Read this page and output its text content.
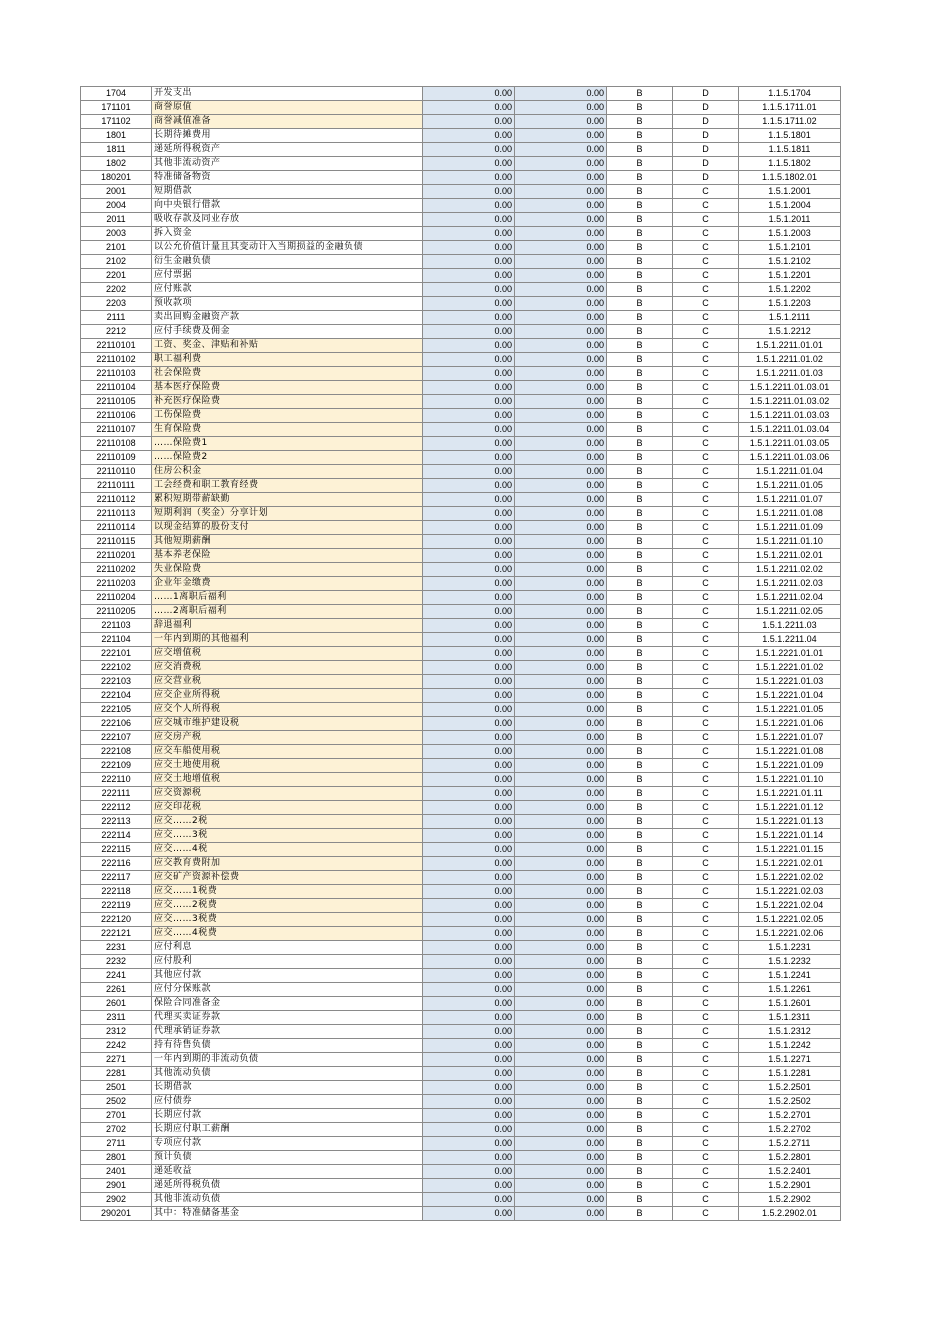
1704	开发支出	0.00	0.00	B	D	1.1.5.1704
171101	商誉原值	0.00	0.00	B	D	1.1.5.1711.01
171102	商誉减值准备	0.00	0.00	B	D	1.1.5.1711.02
1801	长期待摊费用	0.00	0.00	B	D	1.1.5.1801
1811	递延所得税资产	0.00	0.00	B	D	1.1.5.1811
1802	其他非流动资产	0.00	0.00	B	D	1.1.5.1802
180201	特准储备物资	0.00	0.00	B	D	1.1.5.1802.01
2001	短期借款	0.00	0.00	B	C	1.5.1.2001
2004	向中央银行借款	0.00	0.00	B	C	1.5.1.2004
2011	吸收存款及同业存放	0.00	0.00	B	C	1.5.1.2011
2003	拆入资金	0.00	0.00	B	C	1.5.1.2003
2101	以公允价值计量且其变动计入当期损益的金融负债	0.00	0.00	B	C	1.5.1.2101
2102	衍生金融负债	0.00	0.00	B	C	1.5.1.2102
2201	应付票据	0.00	0.00	B	C	1.5.1.2201
2202	应付账款	0.00	0.00	B	C	1.5.1.2202
2203	预收款项	0.00	0.00	B	C	1.5.1.2203
2111	卖出回购金融资产款	0.00	0.00	B	C	1.5.1.2111
2212	应付手续费及佣金	0.00	0.00	B	C	1.5.1.2212
22110101	工资、奖金、津贴和补贴	0.00	0.00	B	C	1.5.1.2211.01.01
22110102	职工福利费	0.00	0.00	B	C	1.5.1.2211.01.02
22110103	社会保险费	0.00	0.00	B	C	1.5.1.2211.01.03
22110104	基本医疗保险费	0.00	0.00	B	C	1.5.1.2211.01.03.01
22110105	补充医疗保险费	0.00	0.00	B	C	1.5.1.2211.01.03.02
22110106	工伤保险费	0.00	0.00	B	C	1.5.1.2211.01.03.03
22110107	生育保险费	0.00	0.00	B	C	1.5.1.2211.01.03.04
22110108	……保险费1	0.00	0.00	B	C	1.5.1.2211.01.03.05
22110109	……保险费2	0.00	0.00	B	C	1.5.1.2211.01.03.06
22110110	住房公积金	0.00	0.00	B	C	1.5.1.2211.01.04
22110111	工会经费和职工教育经费	0.00	0.00	B	C	1.5.1.2211.01.05
22110112	累积短期带薪缺勤	0.00	0.00	B	C	1.5.1.2211.01.07
22110113	短期利润（奖金）分享计划	0.00	0.00	B	C	1.5.1.2211.01.08
22110114	以现金结算的股份支付	0.00	0.00	B	C	1.5.1.2211.01.09
22110115	其他短期薪酬	0.00	0.00	B	C	1.5.1.2211.01.10
22110201	基本养老保险	0.00	0.00	B	C	1.5.1.2211.02.01
22110202	失业保险费	0.00	0.00	B	C	1.5.1.2211.02.02
22110203	企业年金缴费	0.00	0.00	B	C	1.5.1.2211.02.03
22110204	……1离职后福利	0.00	0.00	B	C	1.5.1.2211.02.04
22110205	……2离职后福利	0.00	0.00	B	C	1.5.1.2211.02.05
221103	辞退福利	0.00	0.00	B	C	1.5.1.2211.03
221104	一年内到期的其他福利	0.00	0.00	B	C	1.5.1.2211.04
222101	应交增值税	0.00	0.00	B	C	1.5.1.2221.01.01
222102	应交消费税	0.00	0.00	B	C	1.5.1.2221.01.02
222103	应交营业税	0.00	0.00	B	C	1.5.1.2221.01.03
222104	应交企业所得税	0.00	0.00	B	C	1.5.1.2221.01.04
222105	应交个人所得税	0.00	0.00	B	C	1.5.1.2221.01.05
222106	应交城市维护建设税	0.00	0.00	B	C	1.5.1.2221.01.06
222107	应交房产税	0.00	0.00	B	C	1.5.1.2221.01.07
222108	应交车船使用税	0.00	0.00	B	C	1.5.1.2221.01.08
222109	应交土地使用税	0.00	0.00	B	C	1.5.1.2221.01.09
222110	应交土地增值税	0.00	0.00	B	C	1.5.1.2221.01.10
222111	应交资源税	0.00	0.00	B	C	1.5.1.2221.01.11
222112	应交印花税	0.00	0.00	B	C	1.5.1.2221.01.12
222113	应交……2税	0.00	0.00	B	C	1.5.1.2221.01.13
222114	应交……3税	0.00	0.00	B	C	1.5.1.2221.01.14
222115	应交……4税	0.00	0.00	B	C	1.5.1.2221.01.15
222116	应交教育费附加	0.00	0.00	B	C	1.5.1.2221.02.01
222117	应交矿产资源补偿费	0.00	0.00	B	C	1.5.1.2221.02.02
222118	应交……1税费	0.00	0.00	B	C	1.5.1.2221.02.03
222119	应交……2税费	0.00	0.00	B	C	1.5.1.2221.02.04
222120	应交……3税费	0.00	0.00	B	C	1.5.1.2221.02.05
222121	应交……4税费	0.00	0.00	B	C	1.5.1.2221.02.06
2231	应付利息	0.00	0.00	B	C	1.5.1.2231
2232	应付股利	0.00	0.00	B	C	1.5.1.2232
2241	其他应付款	0.00	0.00	B	C	1.5.1.2241
2261	应付分保账款	0.00	0.00	B	C	1.5.1.2261
2601	保险合同准备金	0.00	0.00	B	C	1.5.1.2601
2311	代理买卖证券款	0.00	0.00	B	C	1.5.1.2311
2312	代理承销证券款	0.00	0.00	B	C	1.5.1.2312
2242	持有待售负债	0.00	0.00	B	C	1.5.1.2242
2271	一年内到期的非流动负债	0.00	0.00	B	C	1.5.1.2271
2281	其他流动负债	0.00	0.00	B	C	1.5.1.2281
2501	长期借款	0.00	0.00	B	C	1.5.2.2501
2502	应付债券	0.00	0.00	B	C	1.5.2.2502
2701	长期应付款	0.00	0.00	B	C	1.5.2.2701
2702	长期应付职工薪酬	0.00	0.00	B	C	1.5.2.2702
2711	专项应付款	0.00	0.00	B	C	1.5.2.2711
2801	预计负债	0.00	0.00	B	C	1.5.2.2801
2401	递延收益	0.00	0.00	B	C	1.5.2.2401
2901	递延所得税负债	0.00	0.00	B	C	1.5.2.2901
2902	其他非流动负债	0.00	0.00	B	C	1.5.2.2902
290201	其中：特准储备基金	0.00	0.00	B	C	1.5.2.2902.01
